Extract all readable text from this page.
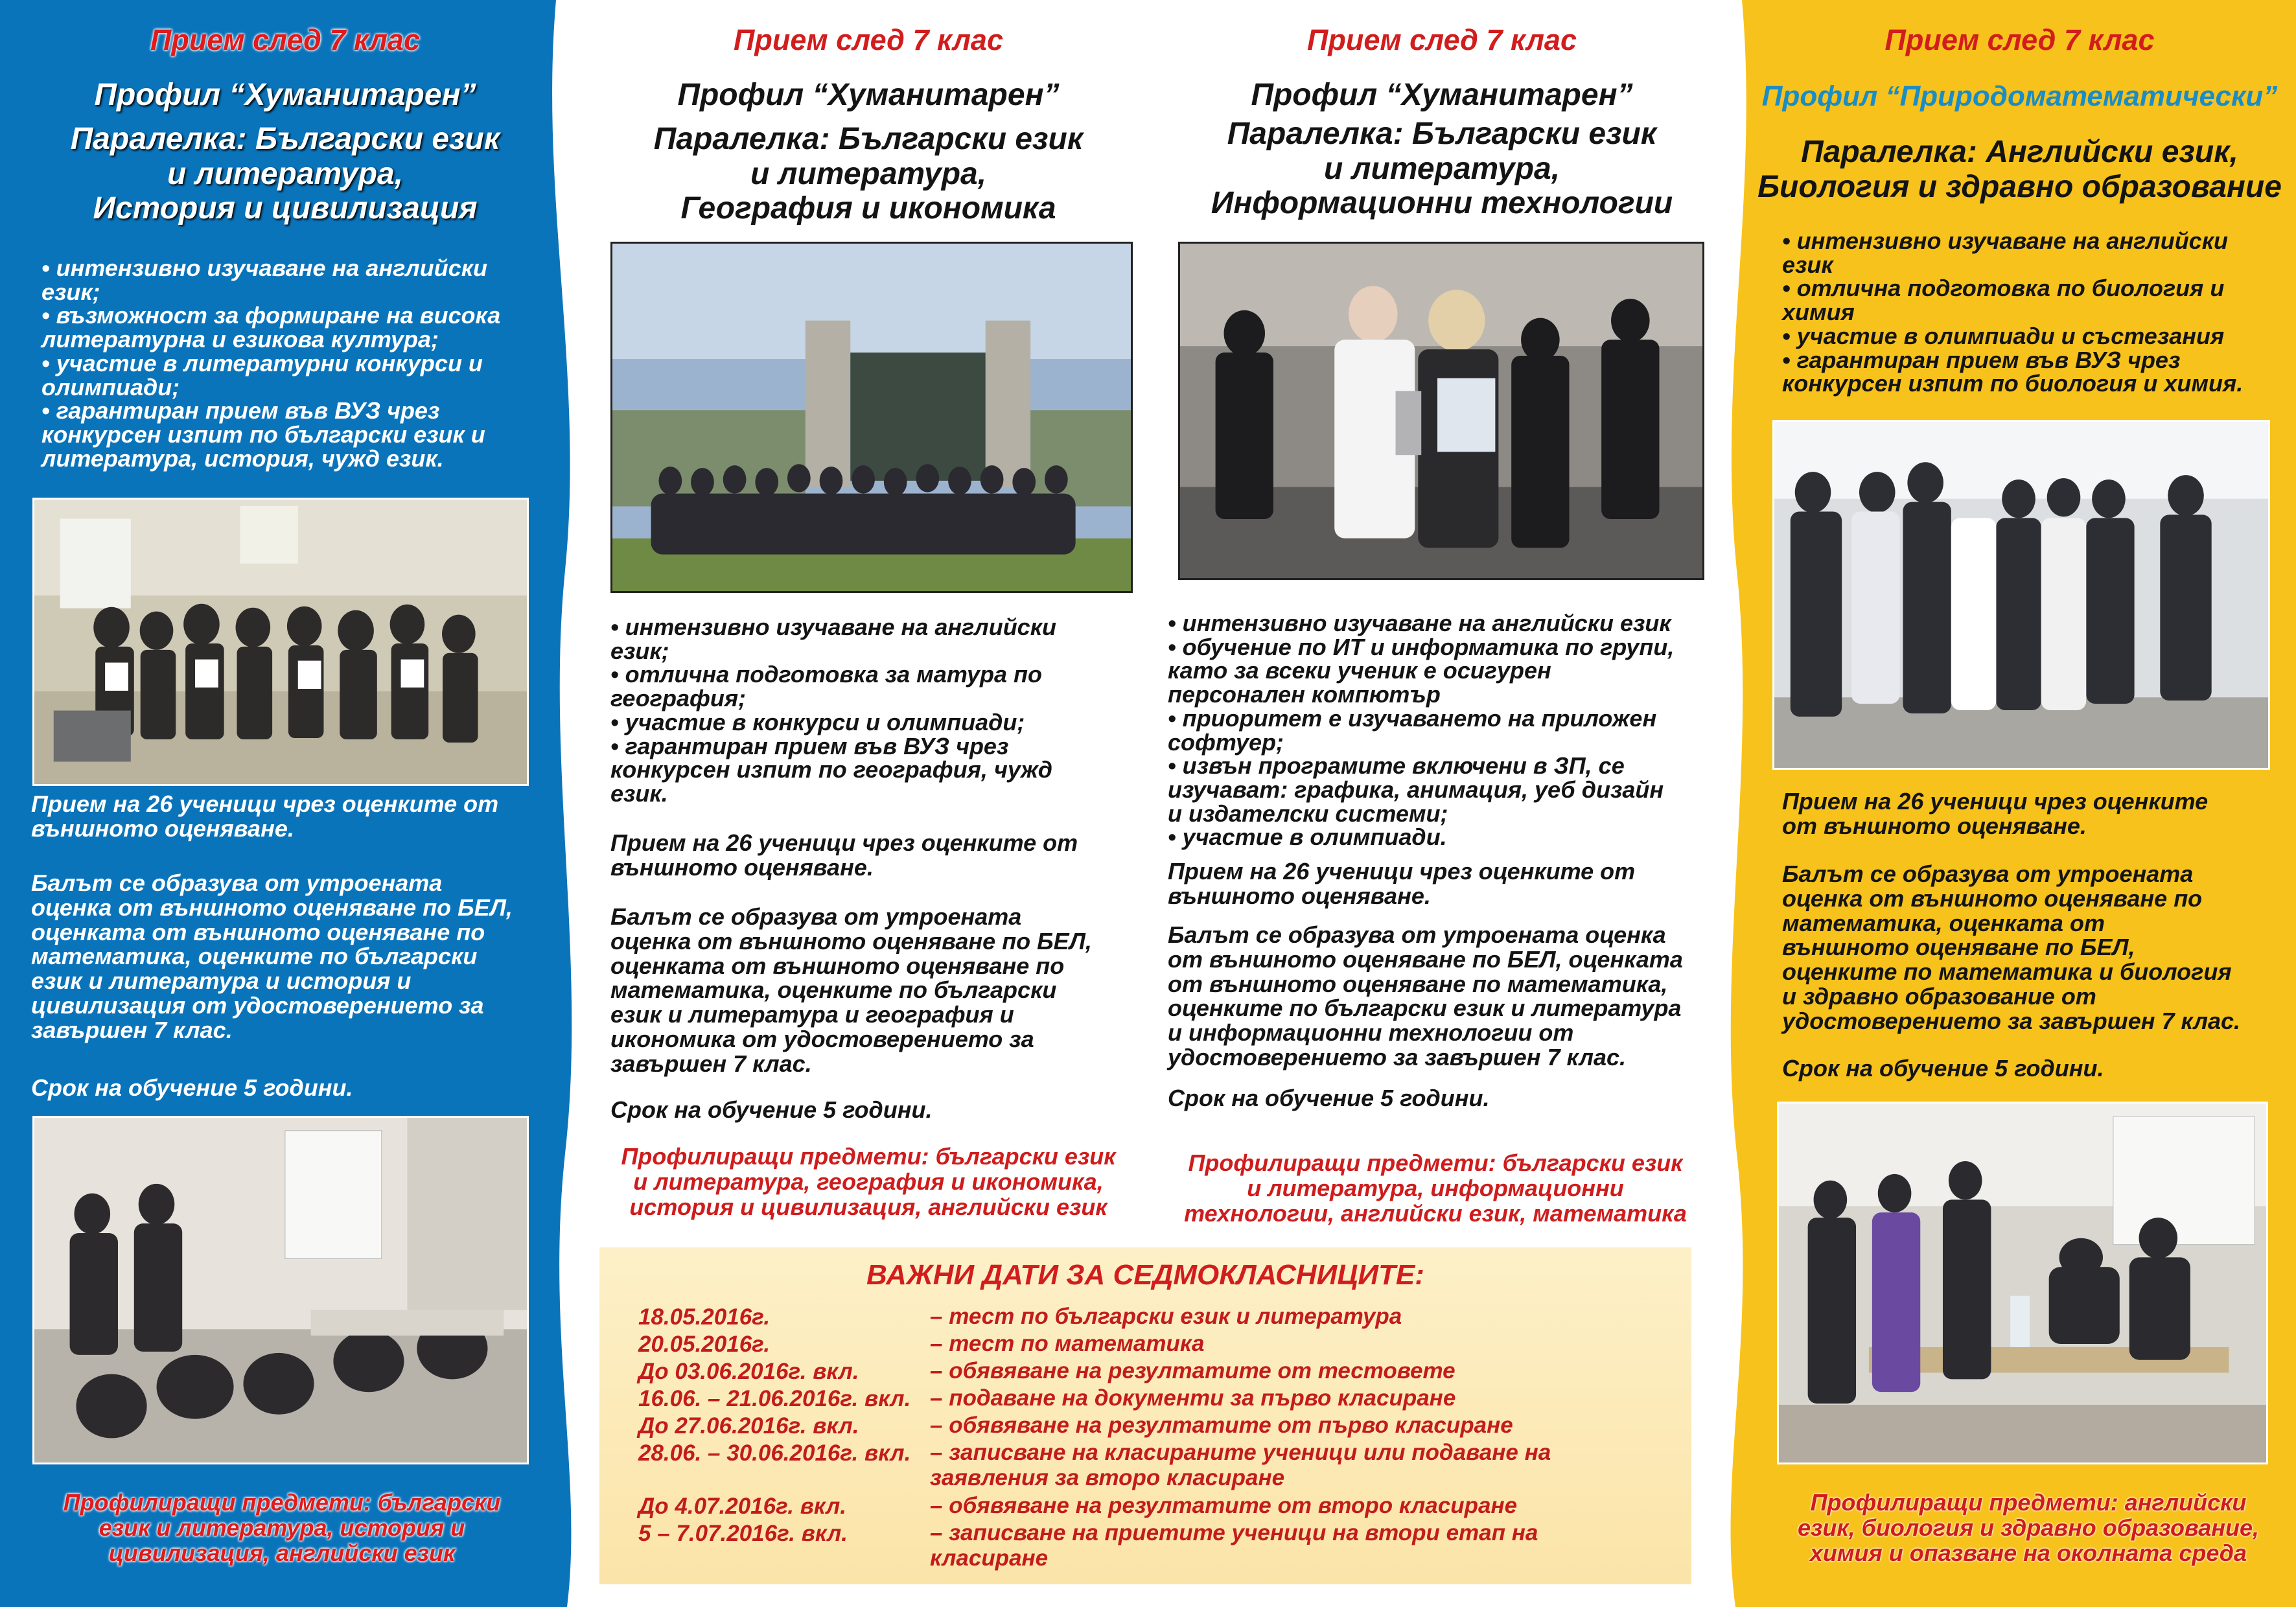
Прием след 7 клас
Профил “Хуманитарен”
Паралелка: Български език
и литература,
История и цивилизация
• интензивно изучаване на английски
език;
• възможност за формиране на висока
литературна и езикова култура;
• участие в литературни конкурси и
олимпиади;
• гарантиран прием във ВУЗ чрез
конкурсен изпит по български език и
литература, история, чужд език.
Прием на 26 ученици чрез оценките от
външното оценяване.
Балът се образува от утроената
оценка от външното оценяване по БЕЛ,
оценката от външното оценяване по
математика, оценките по български
език и литература и история и
цивилизация от удостоверението за
завършен 7 клас.
Срок на обучение 5 години.
Профилиращи предмети: български
език и литература, история и
цивилизация, английски език
Прием след 7 клас
Профил “Хуманитарен”
Паралелка: Български език
и литература,
География и икономика
• интензивно изучаване на английски
език;
• отлична подготовка за матура по
география;
• участие в конкурси и олимпиади;
• гарантиран прием във ВУЗ чрез
конкурсен изпит по география, чужд
език.
Прием на 26 ученици чрез оценките от
външното оценяване.
Балът се образува от утроената
оценка от външното оценяване по БЕЛ,
оценката от външното оценяване по
математика, оценките по български
език и литература и география и
икономика от удостоверението за
завършен 7 клас.
Срок на обучение 5 години.
Профилиращи предмети: български език
и литература, география и икономика,
история и цивилизация, английски език
Прием след 7 клас
Профил “Хуманитарен”
Паралелка: Български език
и литература,
Информационни технологии
• интензивно изучаване на английски език
• обучение по ИТ и информатика по групи,
като за всеки ученик е осигурен
персонален компютър
• приоритет е изучаването на приложен
софтуер;
• извън програмите включени в ЗП, се
изучават: графика, анимация, уеб дизайн
и издателски системи;
• участие в олимпиади.
Прием на 26 ученици чрез оценките от
външното оценяване.
Балът се образува от утроената оценка
от външното оценяване по БЕЛ, оценката
от външното оценяване по математика,
оценките по български език и литература
и информационни технологии от
удостоверението за завършен 7 клас.
Срок на обучение 5 години.
Профилиращи предмети: български език
и литература, информационни
технологии, английски език, математика
Прием след 7 клас
Профил “Природоматематически”
Паралелка: Английски език,
Биология и здравно образование
• интензивно изучаване на английски
език
• отлична подготовка по биология и
химия
• участие в олимпиади и състезания
• гарантиран прием във ВУЗ чрез
конкурсен изпит по биология и химия.
Прием на 26 ученици чрез оценките
от външното оценяване.
Балът се образува от утроената
оценка от външното оценяване по
математика, оценката от
външното оценяване по БЕЛ,
оценките по математика и биология
и здравно образование от
удостоверението за завършен 7 клас.
Срок на обучение 5 години.
Профилиращи предмети: английски
език, биология и здравно образование,
химия и опазване на околната среда
ВАЖНИ ДАТИ ЗА СЕДМОКЛАСНИЦИТЕ:
18.05.2016г.	– тест по български език и литература
20.05.2016г.	– тест по математика
До 03.06.2016г. вкл.	– обявяване на резултатите от тестовете
16.06. – 21.06.2016г. вкл. – подаване на документи за първо класиране
До 27.06.2016г. вкл.	– обявяване на резултатите от първо класиране
28.06. – 30.06.2016г. вкл. – записване на класираните ученици или подаване на заявления за второ класиране
До 4.07.2016г. вкл.	– обявяване на резултатите от второ класиране
5 – 7.07.2016г. вкл.	– записване на приетите ученици на втори етап на класиране
